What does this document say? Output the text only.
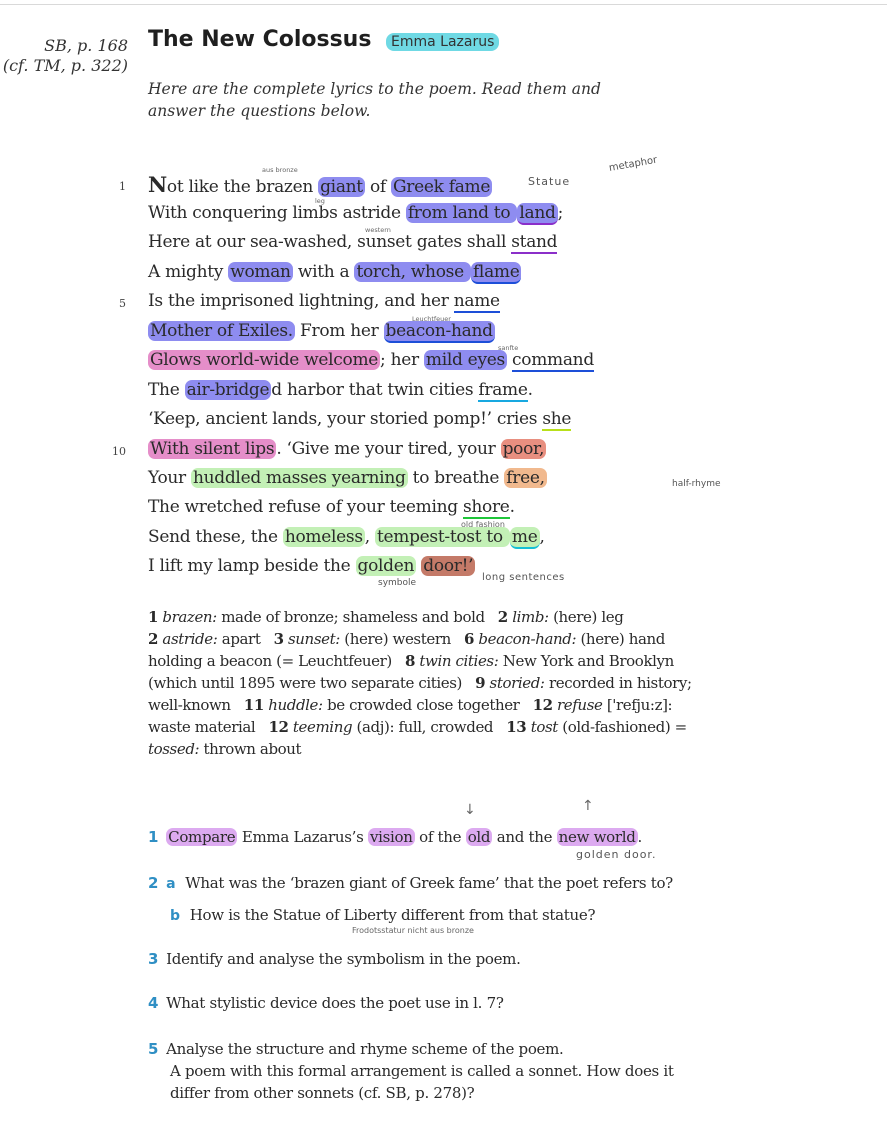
SB, p. 168
(cf. TM, p. 322)
The New Colossus	Emma Lazarus
Here are the complete lyrics to the poem. Read them and answer the questions below.
1
5
10
Not like the brazen giant of Greek fame
With conquering limbs astride from land to land ;
Here at our sea-washed, sunset gates shall stand
A mighty woman with a torch, whose flame
Is the imprisoned lightning, and her name
Mother of Exiles. From her beacon-hand
Glows world-wide welcome ; her mild eyes command
The air-bridge d harbor that twin cities frame.
‘Keep, ancient lands, your storied pomp!’ cries she
With silent lips . ‘Give me your tired, your poor,
Your huddled masses yearning to breathe free,
The wretched refuse of your teeming shore.
Send these, the homeless , tempest-tost to me ,
I lift my lamp beside the golden door!’
aus bronze
Statue
metaphor
leg
western
Leuchtfeuer
sanfte
half-rhyme
old fashion
symbole	long sentences
1 brazen: made of bronze; shameless and bold 2 limb: (here) leg
2 astride: apart 3 sunset: (here) western 6 beacon-hand: (here) hand holding a beacon (= Leuchtfeuer) 8 twin cities: New York and Brooklyn (which until 1895 were two separate cities) 9 storied: recorded in history; well-known 11 huddle: be crowded close together 12 refuse ['refju:z]: waste material 12 teeming (adj): full, crowded 13 tost (old-fashioned) = tossed: thrown about
↓	↑
1 Compare Emma Lazarus’s vision of the old and the new world .
golden door.
2 a What was the ‘brazen giant of Greek fame’ that the poet refers to?
b How is the Statue of Liberty different from that statue?
Frodotsstatur nicht aus bronze
3 Identify and analyse the symbolism in the poem.
4 What stylistic device does the poet use in l. 7?
5 Analyse the structure and rhyme scheme of the poem.
A poem with this formal arrangement is called a sonnet. How does it
differ from other sonnets (cf. SB, p. 278)?
